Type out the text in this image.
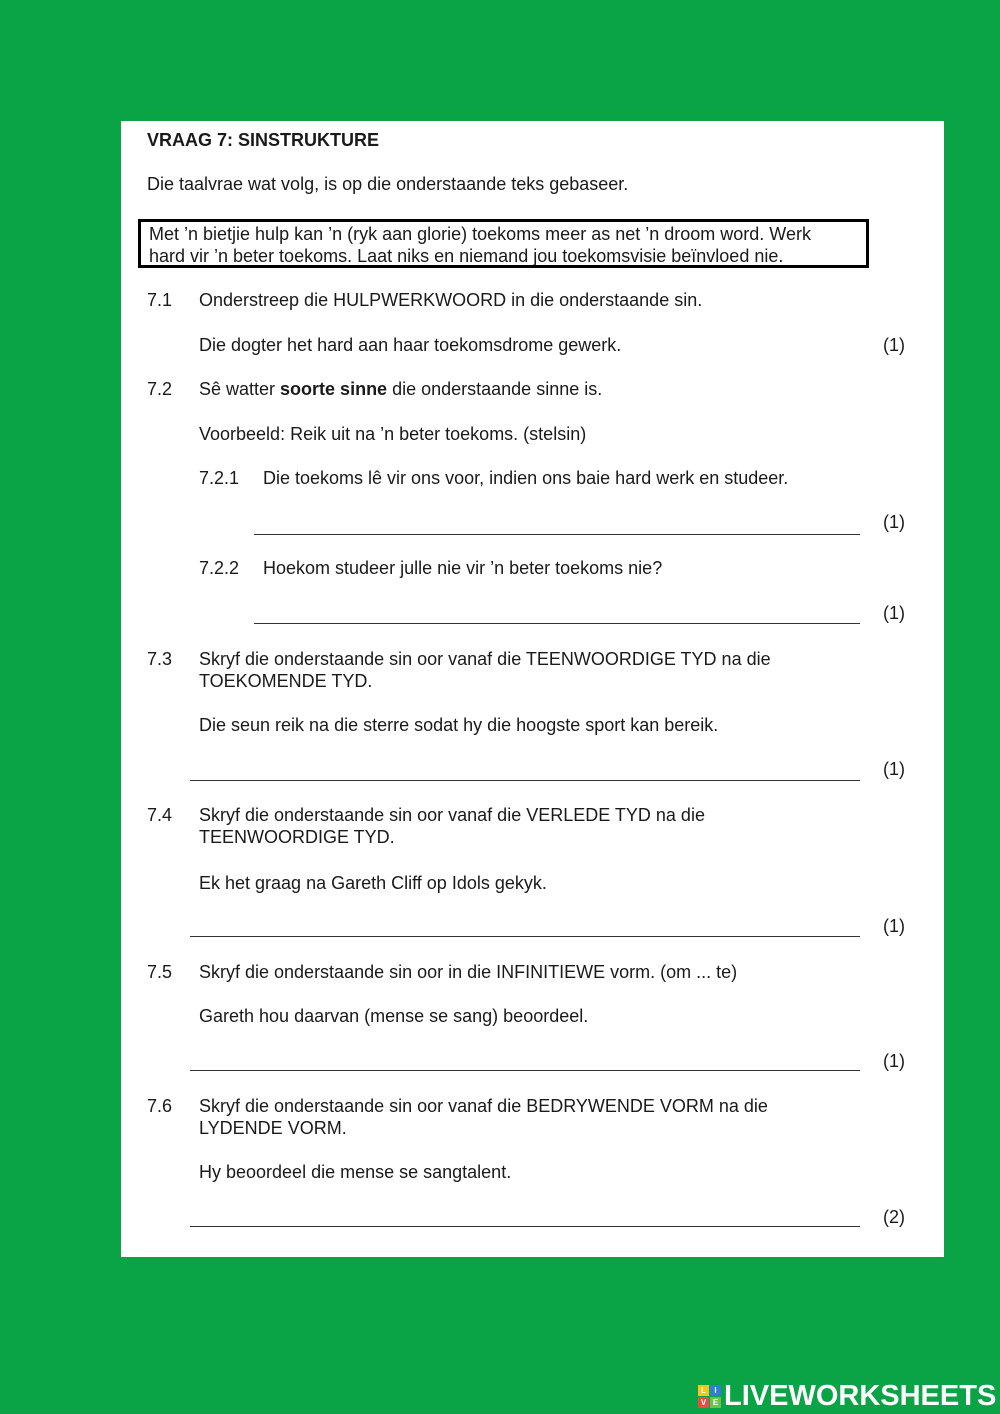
VRAAG 7: SINSTRUKTURE
Die taalvrae wat volg, is op die onderstaande teks gebaseer.
Met ’n bietjie hulp kan ’n (ryk aan glorie) toekoms meer as net ’n droom word. Werk
hard vir ’n beter toekoms. Laat niks en niemand jou toekomsvisie beïnvloed nie.
7.1 Onderstreep die HULPWERKWOORD in die onderstaande sin.
Die dogter het hard aan haar toekomsdrome gewerk.	(1)
7.2 Sê watter soorte sinne die onderstaande sinne is.
Voorbeeld: Reik uit na ’n beter toekoms. (stelsin)
7.2.1 Die toekoms lê vir ons voor, indien ons baie hard werk en studeer.
(1)
7.2.2 Hoekom studeer julle nie vir ’n beter toekoms nie?
(1)
7.3 Skryf die onderstaande sin oor vanaf die TEENWOORDIGE TYD na die
TOEKOMENDE TYD.
Die seun reik na die sterre sodat hy die hoogste sport kan bereik.
(1)
7.4 Skryf die onderstaande sin oor vanaf die VERLEDE TYD na die
TEENWOORDIGE TYD.
Ek het graag na Gareth Cliff op Idols gekyk.
(1)
7.5 Skryf die onderstaande sin oor in die INFINITIEWE vorm. (om ... te)
Gareth hou daarvan (mense se sang) beoordeel.
(1)
7.6 Skryf die onderstaande sin oor vanaf die BEDRYWENDE VORM na die
LYDENDE VORM.
Hy beoordeel die mense se sangtalent.
(2)
L	I
V E LIVEWORKSHEETS
